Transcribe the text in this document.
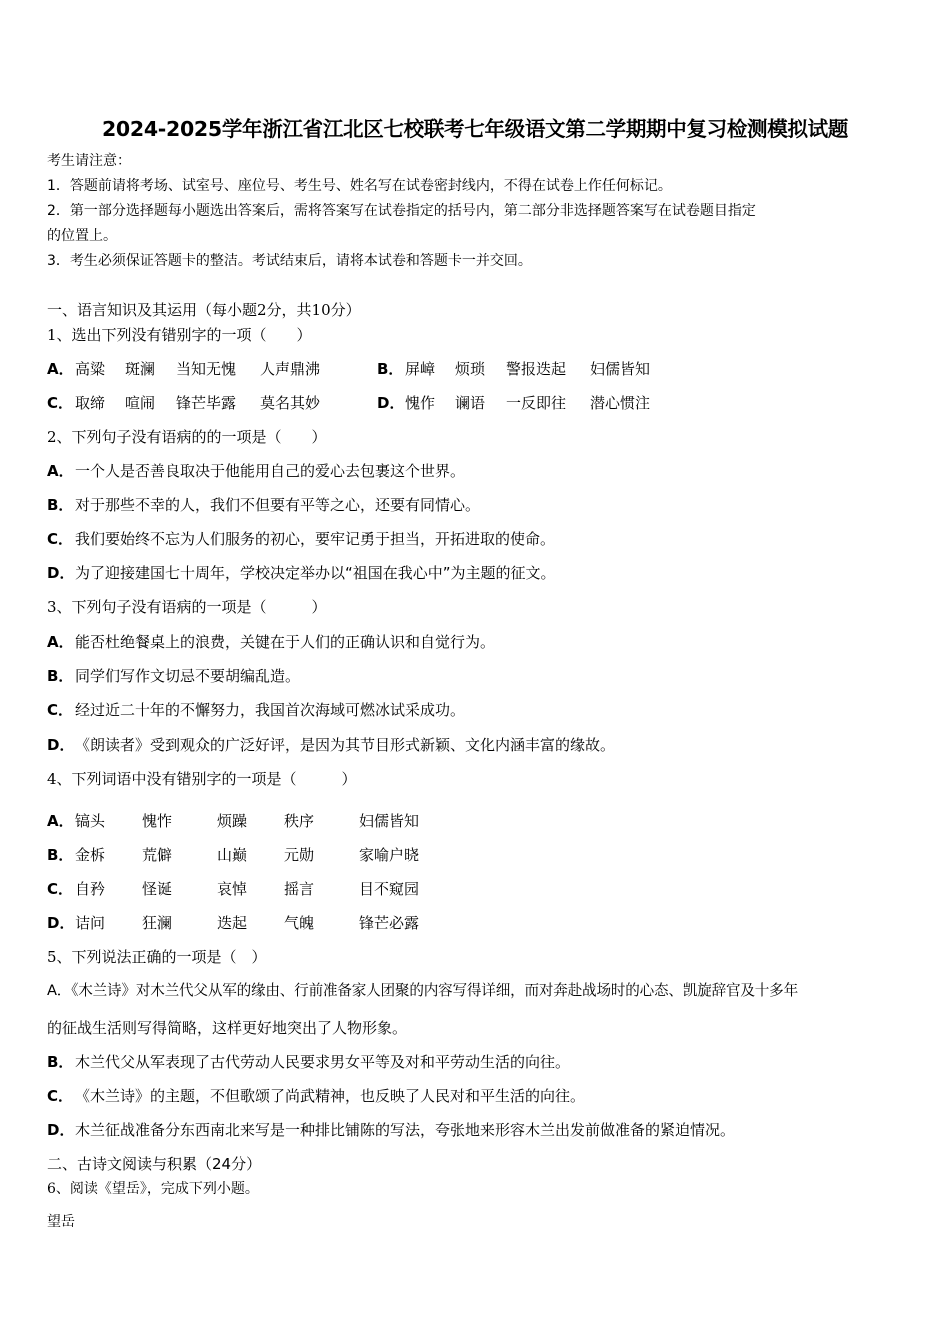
2024-2025学年浙江省江北区七校联考七年级语文第二学期期中复习检测模拟试题
考生请注意：
1．答题前请将考场、试室号、座位号、考生号、姓名写在试卷密封线内，不得在试卷上作任何标记。
2．第一部分选择题每小题选出答案后，需将答案写在试卷指定的括号内，第二部分非选择题答案写在试卷题目指定
的位置上。
3．考生必须保证答题卡的整洁。考试结束后，请将本试卷和答题卡一并交回。
一、语言知识及其运用（每小题2分，共10分）
1、选出下列没有错别字的一项（　　）
A． 高粱 斑澜 当知无愧 人声鼎沸	B． 屏嶂 烦琐 警报迭起 妇儒皆知
C． 取缔 喧闹 锋芒毕露 莫名其妙	D． 愧作 谰语 一反即往 潜心惯注
2、下列句子没有语病的的一项是（　　）
A． 一个人是否善良取决于他能用自己的爱心去包裹这个世界。
B． 对于那些不幸的人，我们不但要有平等之心，还要有同情心。
C． 我们要始终不忘为人们服务的初心，要牢记勇于担当，开拓进取的使命。
D． 为了迎接建国七十周年，学校决定举办以“祖国在我心中”为主题的征文。
3、下列句子没有语病的一项是（　　　）
A． 能否杜绝餐桌上的浪费，关键在于人们的正确认识和自觉行为。
B． 同学们写作文切忌不要胡编乱造。
C． 经过近二十年的不懈努力，我国首次海域可燃冰试采成功。
D． 《朗读者》受到观众的广泛好评，是因为其节目形式新颖、文化内涵丰富的缘故。
4、下列词语中没有错别字的一项是（　　　）
A． 镐头 愧怍	烦躁 秩序	妇儒皆知
B． 金柝 荒僻	山巅 元勋	家喻户晓
C． 自矜 怪诞	哀悼 摇言	目不窥园
D． 诘问 狂澜	迭起 气魄	锋芒必露
5、下列说法正确的一项是（　）
A．《木兰诗》对木兰代父从军的缘由、行前准备家人团聚的内容写得详细，而对奔赴战场时的心态、凯旋辞官及十多年
的征战生活则写得简略，这样更好地突出了人物形象。
B． 木兰代父从军表现了古代劳动人民要求男女平等及对和平劳动生活的向往。
C． 《木兰诗》的主题，不但歌颂了尚武精神，也反映了人民对和平生活的向往。
D． 木兰征战准备分东西南北来写是一种排比铺陈的写法，夸张地来形容木兰出发前做准备的紧迫情况。
二、古诗文阅读与积累（24分）
6、阅读《望岳》，完成下列小题。
望岳
